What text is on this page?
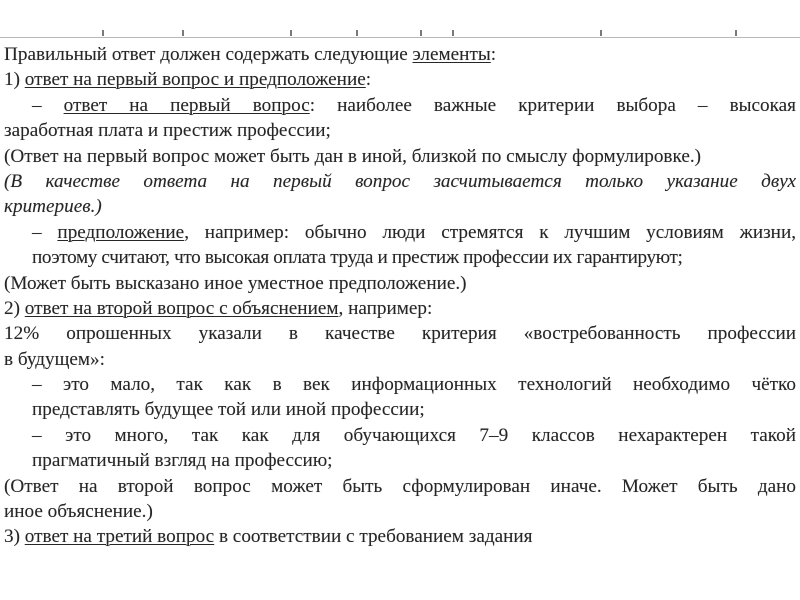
Правильный ответ должен содержать следующие элементы:
1) ответ на первый вопрос и предположение:
– ответ на первый вопрос: наиболее важные критерии выбора – высокая
заработная плата и престиж профессии;
(Ответ на первый вопрос может быть дан в иной, близкой по смыслу формулировке.)
(В качестве ответа на первый вопрос засчитывается только указание двух
критериев.)
– предположение, например: обычно люди стремятся к лучшим условиям жизни,
поэтому считают, что высокая оплата труда и престиж профессии их гарантируют;
(Может быть высказано иное уместное предположение.)
2) ответ на второй вопрос с объяснением, например:
12% опрошенных указали в качестве критерия «востребованность профессии
в будущем»:
– это мало, так как в век информационных технологий необходимо чётко
представлять будущее той или иной профессии;
– это много, так как для обучающихся 7–9 классов нехарактерен такой
прагматичный взгляд на профессию;
(Ответ на второй вопрос может быть сформулирован иначе. Может быть дано
иное объяснение.)
3) ответ на третий вопрос в соответствии с требованием задания
